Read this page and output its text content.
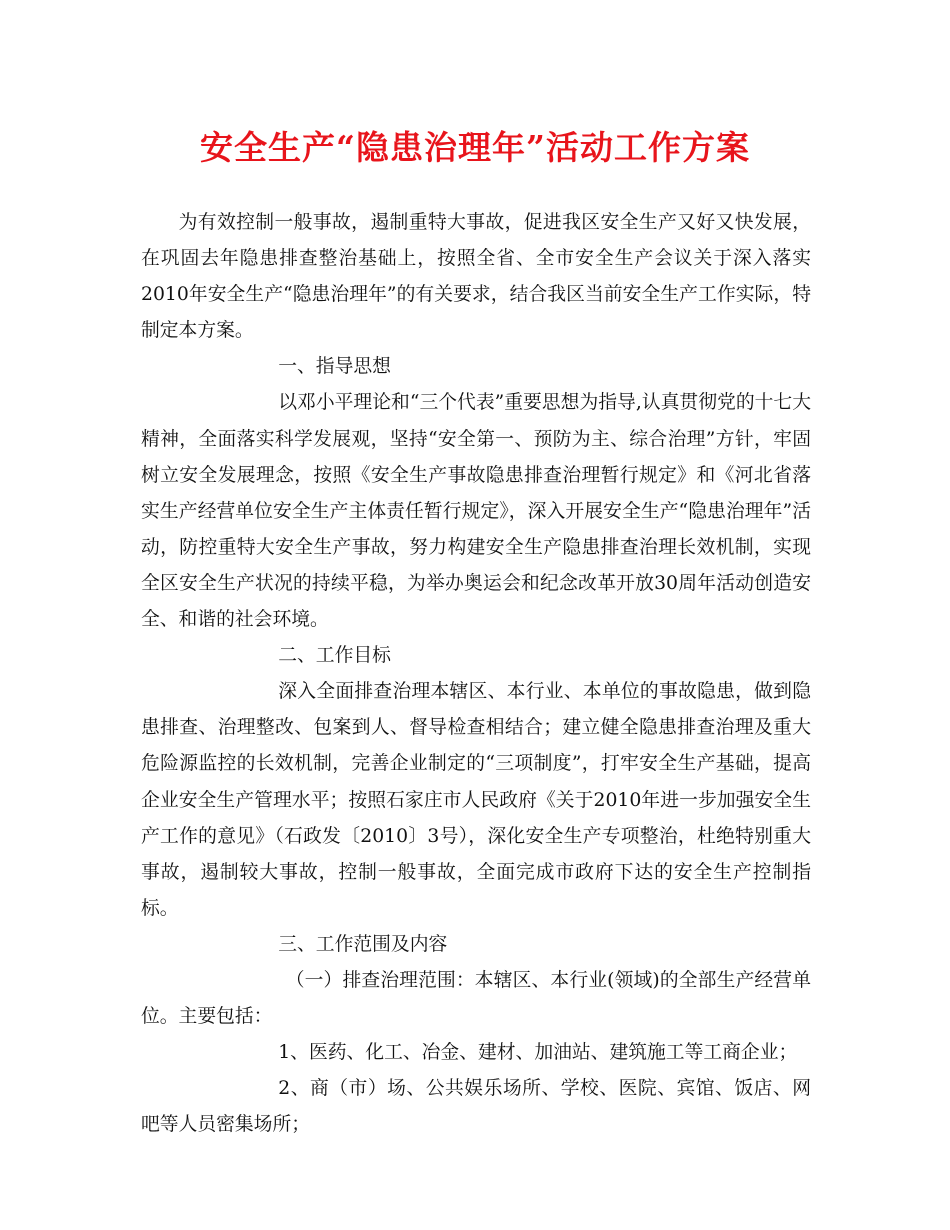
安全生产“隐患治理年”活动工作方案

为有效控制一般事故，遏制重特大事故，促进我区安全生产又好又快发展，在巩固去年隐患排查整治基础上，按照全省、全市安全生产会议关于深入落实2010年安全生产“隐患治理年”的有关要求，结合我区当前安全生产工作实际，特制定本方案。

一、指导思想

以邓小平理论和“三个代表”重要思想为指导,认真贯彻党的十七大精神，全面落实科学发展观，坚持“安全第一、预防为主、综合治理”方针，牢固树立安全发展理念，按照《安全生产事故隐患排查治理暂行规定》和《河北省落实生产经营单位安全生产主体责任暂行规定》，深入开展安全生产“隐患治理年”活动，防控重特大安全生产事故，努力构建安全生产隐患排查治理长效机制，实现全区安全生产状况的持续平稳，为举办奥运会和纪念改革开放30周年活动创造安全、和谐的社会环境。

二、工作目标

深入全面排查治理本辖区、本行业、本单位的事故隐患，做到隐患排查、治理整改、包案到人、督导检查相结合；建立健全隐患排查治理及重大危险源监控的长效机制，完善企业制定的“三项制度”，打牢安全生产基础，提高企业安全生产管理水平；按照石家庄市人民政府《关于2010年进一步加强安全生产工作的意见》（石政发〔2010〕3号），深化安全生产专项整治，杜绝特别重大事故，遏制较大事故，控制一般事故，全面完成市政府下达的安全生产控制指标。

三、工作范围及内容

（一）排查治理范围：本辖区、本行业(领域)的全部生产经营单位。主要包括：

1、医药、化工、冶金、建材、加油站、建筑施工等工商企业；

2、商（市）场、公共娱乐场所、学校、医院、宾馆、饭店、网吧等人员密集场所；
